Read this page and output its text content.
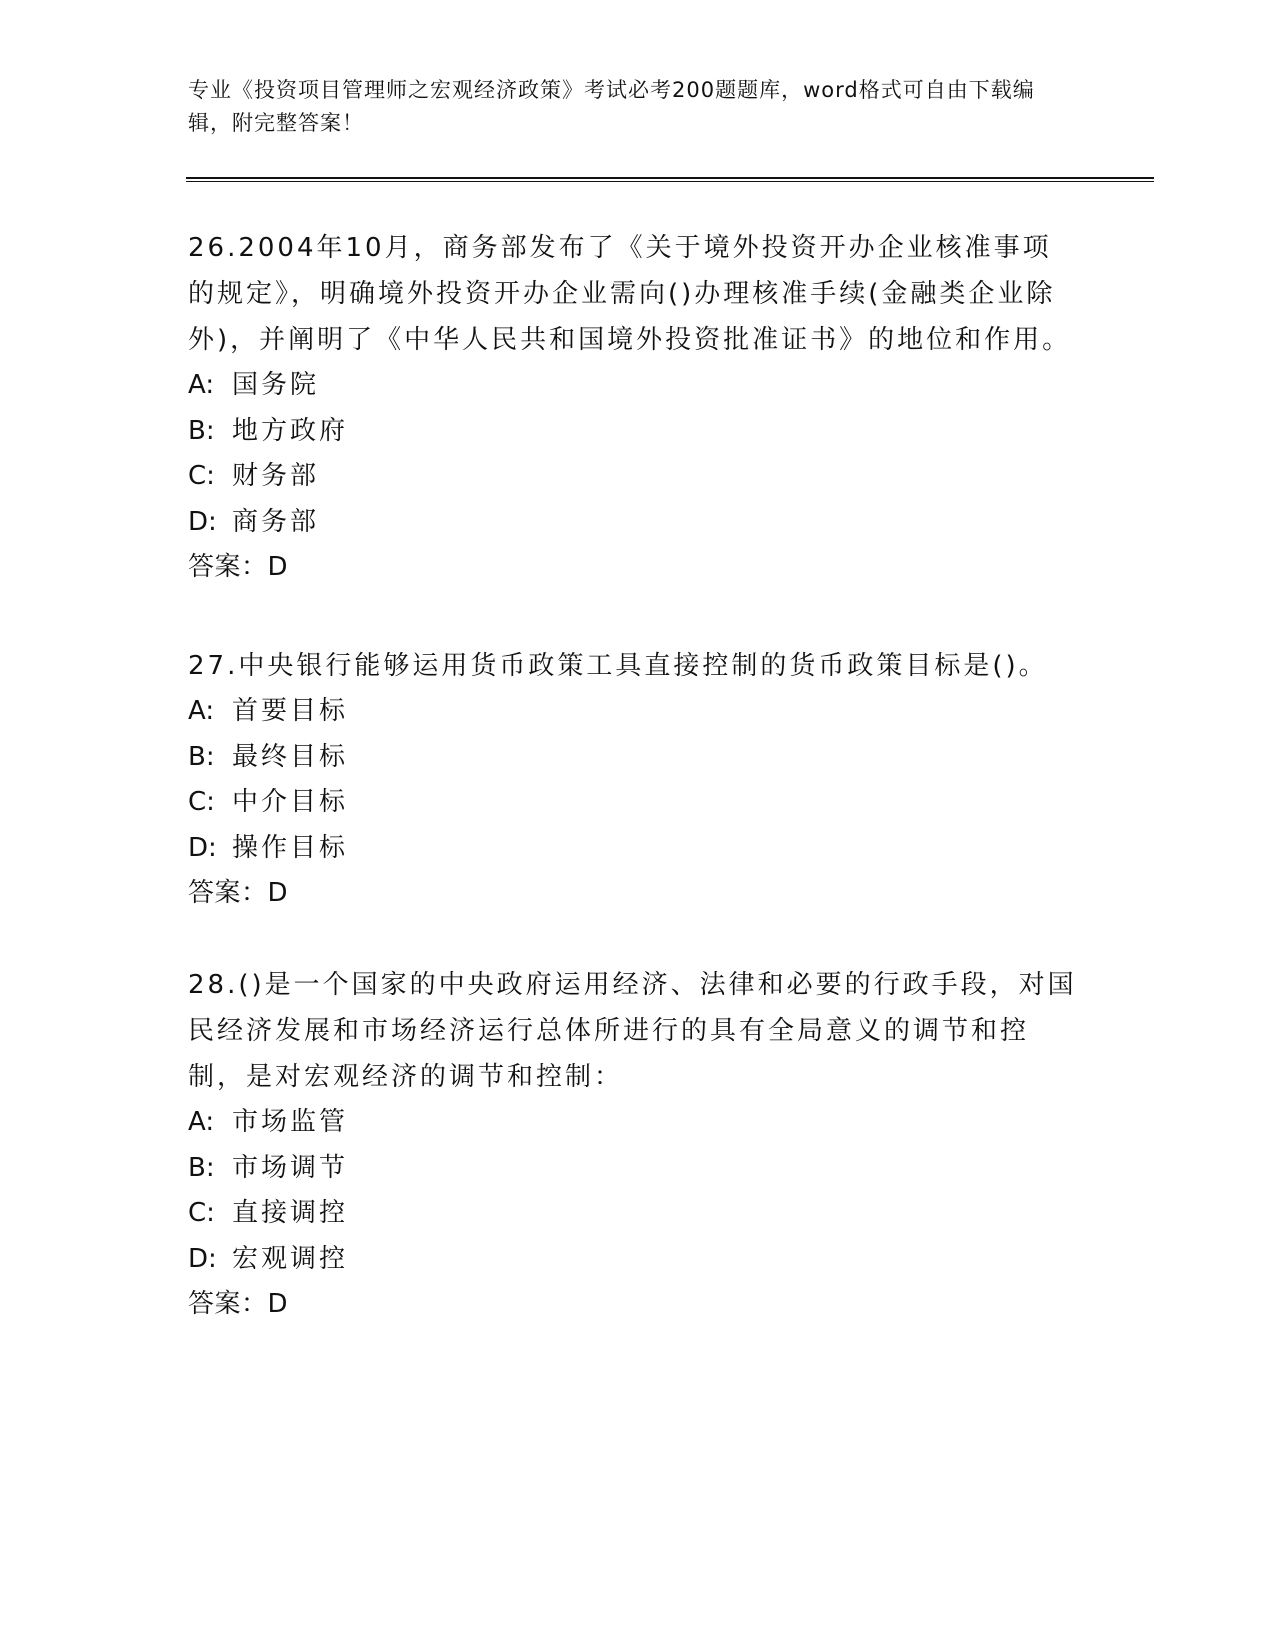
专业《投资项目管理师之宏观经济政策》考试必考200题题库，word格式可自由下载编辑，附完整答案！

26.2004年10月，商务部发布了《关于境外投资开办企业核准事项的规定》，明确境外投资开办企业需向()办理核准手续(金融类企业除外)，并阐明了《中华人民共和国境外投资批准证书》的地位和作用。

A: 国务院

B: 地方政府

C: 财务部

D: 商务部

答案：D

27.中央银行能够运用货币政策工具直接控制的货币政策目标是()。

A: 首要目标

B: 最终目标

C: 中介目标

D: 操作目标

答案：D

28.()是一个国家的中央政府运用经济、法律和必要的行政手段，对国民经济发展和市场经济运行总体所进行的具有全局意义的调节和控制，是对宏观经济的调节和控制：

A: 市场监管

B: 市场调节

C: 直接调控

D: 宏观调控

答案：D
